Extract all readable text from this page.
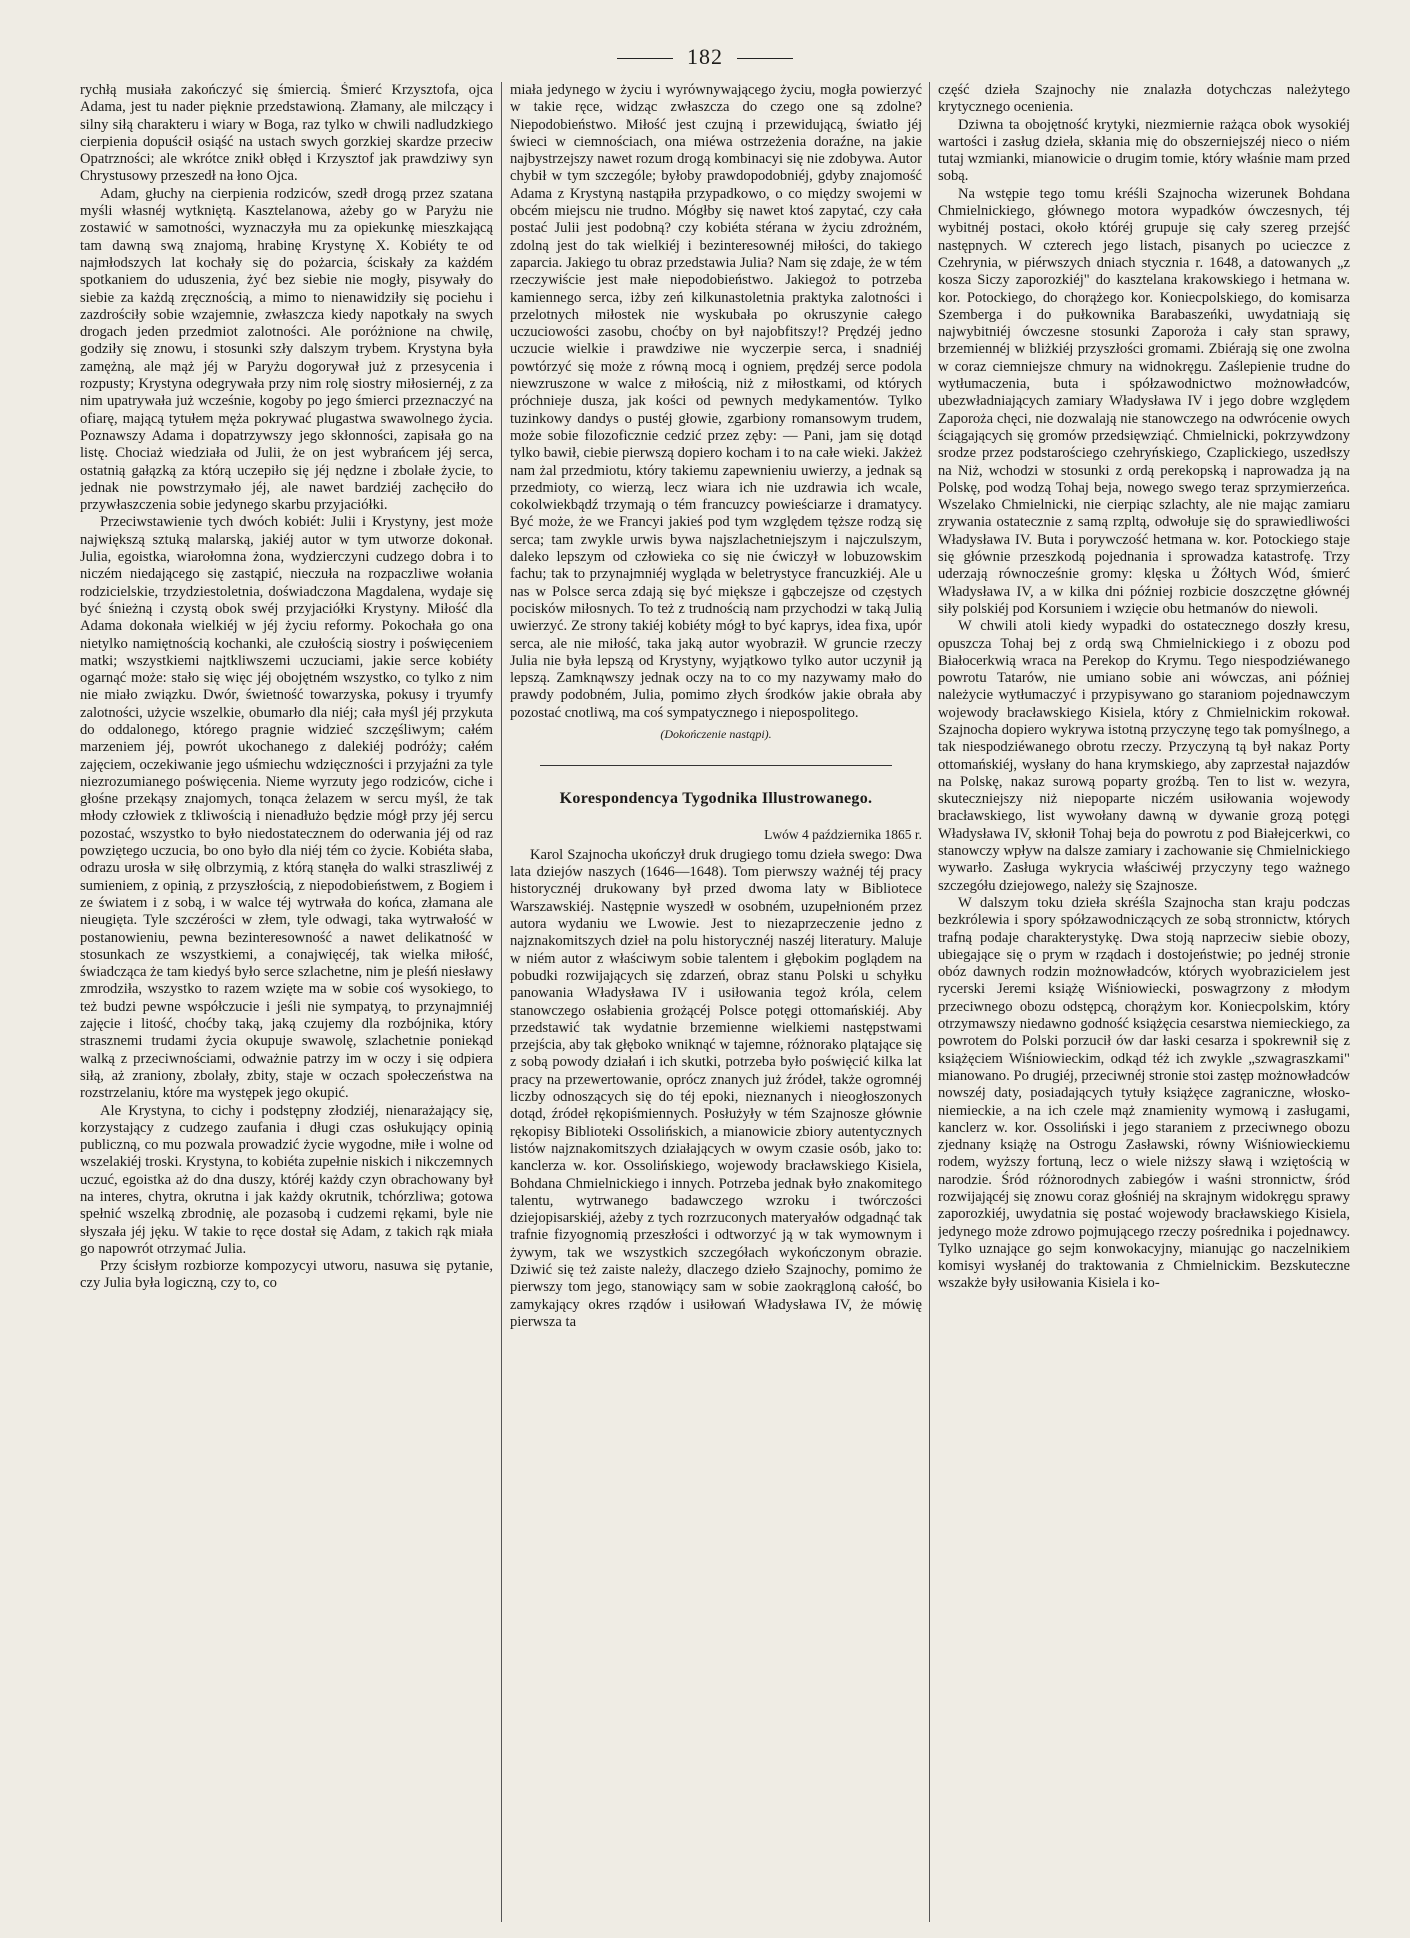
182

rychłą musiała zakończyć się śmiercią. Śmierć Krzysztofa, ojca Adama, jest tu nader pięknie przedstawioną. Złamany, ale milczący i silny siłą charakteru i wiary w Boga, raz tylko w chwili nadludzkiego cierpienia dopuścił osiąść na ustach swych gorzkiej skardze przeciw Opatrzności; ale wkrótce znikł obłęd i Krzysztof jak prawdziwy syn Chrystusowy przeszedł na łono Ojca.

Adam, głuchy na cierpienia rodziców, szedł drogą przez szatana myśli własnéj wytkniętą. Kasztelanowa, ażeby go w Paryżu nie zostawić w samotności, wyznaczyła mu za opiekunkę mieszkającą tam dawną swą znajomą, hrabinę Krystynę X. Kobiéty te od najmłodszych lat kochały się do pożarcia, ściskały za każdém spotkaniem do uduszenia, żyć bez siebie nie mogły, pisywały do siebie za każdą zręcznością, a mimo to nienawidziły się pociehu i zazdrościły sobie wzajemnie, zwłaszcza kiedy napotkały na swych drogach jeden przedmiot zalotności. Ale poróżnione na chwilę, godziły się znowu, i stosunki szły dalszym trybem. Krystyna była zamężną, ale mąż jéj w Paryżu dogorywał już z przesycenia i rozpusty; Krystyna odegrywała przy nim rolę siostry miłosiernéj, z za nim upatrywała już wcześnie, kogoby po jego śmierci przeznaczyć na ofiarę, mającą tytułem męża pokrywać plugastwa swawolnego życia. Poznawszy Adama i dopatrzywszy jego skłonności, zapisała go na listę. Chociaż wiedziała od Julii, że on jest wybrańcem jéj serca, ostatnią gałązką za którą uczepiło się jéj nędzne i zbolałe życie, to jednak nie powstrzymało jéj, ale nawet bardziéj zachęciło do przywłaszczenia sobie jedynego skarbu przyjaciółki.

Przeciwstawienie tych dwóch kobiét: Julii i Krystyny, jest może największą sztuką malarską, jakiéj autor w tym utworze dokonał. Julia, egoistka, wiarołomna żona, wydzierczyni cudzego dobra i to niczém niedającego się zastąpić, nieczuła na rozpaczliwe wołania rodzicielskie, trzydziestoletnia, doświadczona Magdalena, wydaje się być śnieżną i czystą obok swéj przyjaciółki Krystyny. Miłość dla Adama dokonała wielkiéj w jéj życiu reformy. Pokochała go ona nietylko namiętnością kochanki, ale czułością siostry i poświęceniem matki; wszystkiemi najtkliwszemi uczuciami, jakie serce kobiéty ogarnąć może: stało się więc jéj obojętném wszystko, co tylko z nim nie miało związku. Dwór, świetność towarzyska, pokusy i tryumfy zalotności, użycie wszelkie, obumarło dla niéj; cała myśl jéj przykuta do oddalonego, którego pragnie widzieć szczęśliwym; całém marzeniem jéj, powrót ukochanego z dalekiéj podróży; całém zajęciem, oczekiwanie jego uśmiechu wdzięczności i przyjaźni za tyle niezrozumianego poświęcenia. Nieme wyrzuty jego rodziców, ciche i głośne przekąsy znajomych, tonąca żelazem w sercu myśl, że tak młody człowiek z tkliwością i nienadłużo będzie mógł przy jéj sercu pozostać, wszystko to było niedostatecznem do oderwania jéj od raz powziętego uczucia, bo ono było dla niéj tém co życie. Kobiéta słaba, odrazu urosła w siłę olbrzymią, z którą stanęła do walki straszliwéj z sumieniem, z opinią, z przyszłością, z niepodobieństwem, z Bogiem i ze światem i z sobą, i w walce téj wytrwała do końca, złamana ale nieugięta. Tyle szczérości w złem, tyle odwagi, taka wytrwałość w postanowieniu, pewna bezinteresowność a nawet delikatność w stosunkach ze wszystkiemi, a conajwięcéj, tak wielka miłość, świadcząca że tam kiedyś było serce szlachetne, nim je pleśń niesławy zmrodziła, wszystko to razem wzięte ma w sobie coś wysokiego, to też budzi pewne współczucie i jeśli nie sympatyą, to przynajmniéj zajęcie i litość, choćby taką, jaką czujemy dla rozbójnika, który strasznemi trudami życia okupuje swawolę, szlachetnie poniekąd walką z przeciwnościami, odważnie patrzy im w oczy i się odpiera siłą, aż zraniony, zbolały, zbity, staje w oczach społeczeństwa na rozstrzelaniu, które ma występek jego okupić.

Ale Krystyna, to cichy i podstępny złodziéj, nienarażający się, korzystający z cudzego zaufania i długi czas osłukujący opinią publiczną, co mu pozwala prowadzić życie wygodne, miłe i wolne od wszelakiéj troski. Krystyna, to kobiéta zupełnie niskich i nikczemnych uczuć, egoistka aż do dna duszy, któréj każdy czyn obrachowany był na interes, chytra, okrutna i jak każdy okrutnik, tchórzliwa; gotowa spełnić wszelką zbrodnię, ale pozasobą i cudzemi rękami, byle nie słyszała jéj jęku. W takie to ręce dostał się Adam, z takich rąk miała go napowrót otrzymać Julia.

Przy ścisłym rozbiorze kompozycyi utworu, nasuwa się pytanie, czy Julia była logiczną, czy to, co

miała jedynego w życiu i wyrównywającego życiu, mogła powierzyć w takie ręce, widząc zwłaszcza do czego one są zdolne? Niepodobieństwo. Miłość jest czujną i przewidującą, światło jéj świeci w ciemnościach, ona miéwa ostrzeżenia doraźne, na jakie najbystrzejszy nawet rozum drogą kombinacyi się nie zdobywa. Autor chybił w tym szczególe; byłoby prawdopodobniéj, gdyby znajomość Adama z Krystyną nastąpiła przypadkowo, o co między swojemi w obcém miejscu nie trudno. Mógłby się nawet ktoś zapytać, czy cała postać Julii jest podobną? czy kobiéta stérana w życiu zdrożném, zdolną jest do tak wielkiéj i bezinteresownéj miłości, do takiego zaparcia. Jakiego tu obraz przedstawia Julia? Nam się zdaje, że w tém rzeczywiście jest małe niepodobieństwo. Jakiegoż to potrzeba kamiennego serca, iżby zeń kilkunastoletnia praktyka zalotności i przelotnych miłostek nie wyskubała po okruszynie całego uczuciowości zasobu, choćby on był najobfitszy!? Prędzéj jedno uczucie wielkie i prawdziwe nie wyczerpie serca, i snadniéj powtórzyć się może z równą mocą i ogniem, prędzéj serce podola niewzruszone w walce z miłością, niż z miłostkami, od których próchnieje dusza, jak kości od pewnych medykamentów. Tylko tuzinkowy dandys o pustéj głowie, zgarbiony romansowym trudem, może sobie filozoficznie cedzić przez zęby: — Pani, jam się dotąd tylko bawił, ciebie pierwszą dopiero kocham i to na całe wieki. Jakżeż nam żal przedmiotu, który takiemu zapewnieniu uwierzy, a jednak są przedmioty, co wierzą, lecz wiara ich nie uzdrawia ich wcale, cokolwiekbądź trzymają o tém francuzcy powieściarze i dramatycy. Być może, że we Francyi jakieś pod tym względem tęższe rodzą się serca; tam zwykle urwis bywa najszlachetniejszym i najczulszym, daleko lepszym od człowieka co się nie ćwiczył w lobuzowskim fachu; tak to przynajmniéj wygląda w beletrystyce francuzkiéj. Ale u nas w Polsce serca zdają się być miększe i gąbczejsze od częstych pocisków miłosnych. To też z trudnością nam przychodzi w taką Julią uwierzyć. Ze strony takiéj kobiéty mógł to być kaprys, idea fixa, upór serca, ale nie miłość, taka jaką autor wyobraził. W gruncie rzeczy Julia nie była lepszą od Krystyny, wyjątkowo tylko autor uczynił ją lepszą. Zamknąwszy jednak oczy na to co my nazywamy mało do prawdy podobném, Julia, pomimo złych środków jakie obrała aby pozostać cnotliwą, ma coś sympatycznego i niepospolitego.

(Dokończenie nastąpi).
Korespondencya Tygodnika Illustrowanego.
Lwów 4 października 1865 r.

Karol Szajnocha ukończył druk drugiego tomu dzieła swego: Dwa lata dziejów naszych (1646—1648). Tom pierwszy ważnéj téj pracy historycznéj drukowany był przed dwoma laty w Bibliotece Warszawskiéj. Następnie wyszedł w osobném, uzupełnioném przez autora wydaniu we Lwowie. Jest to niezaprzeczenie jedno z najznakomitszych dzieł na polu historycznéj naszéj literatury. Maluje w niém autor z właściwym sobie talentem i głębokim poglądem na pobudki rozwijających się zdarzeń, obraz stanu Polski u schyłku panowania Władysława IV i usiłowania tegoż króla, celem stanowczego osłabienia grożącéj Polsce potęgi ottomańskiéj. Aby przedstawić tak wydatnie brzemienne wielkiemi następstwami przejścia, aby tak głęboko wniknąć w tajemne, różnorako plątające się z sobą powody działań i ich skutki, potrzeba było poświęcić kilka lat pracy na przewertowanie, oprócz znanych już źródeł, także ogromnéj liczby odnoszących się do téj epoki, nieznanych i nieogłoszonych dotąd, źródeł rękopiśmiennych. Posłużyły w tém Szajnosze głównie rękopisy Biblioteki Ossolińskich, a mianowicie zbiory autentycznych listów najznakomitszych działających w owym czasie osób, jako to: kanclerza w. kor. Ossolińskiego, wojewody bracławskiego Kisiela, Bohdana Chmielnickiego i innych. Potrzeba jednak było znakomitego talentu, wytrwanego badawczego wzroku i twórczości dziejopisarskiéj, ażeby z tych rozrzuconych materyałów odgadnąć tak trafnie fizyognomią przeszłości i odtworzyć ją w tak wymownym i żywym, tak we wszystkich szczegółach wykończonym obrazie. Dziwić się też zaiste należy, dlaczego dzieło Szajnochy, pomimo że pierwszy tom jego, stanowiący sam w sobie zaokrągloną całość, bo zamykający okres rządów i usiłowań Władysława IV, że mówię pierwsza ta

część dzieła Szajnochy nie znalazła dotychczas należytego krytycznego ocenienia.

Dziwna ta obojętność krytyki, niezmiernie rażąca obok wysokiéj wartości i zasług dzieła, skłania mię do obszerniejszéj nieco o niém tutaj wzmianki, mianowicie o drugim tomie, który właśnie mam przed sobą.

Na wstępie tego tomu kréśli Szajnocha wizerunek Bohdana Chmielnickiego, głównego motora wypadków ówczesnych, téj wybitnéj postaci, około któréj grupuje się cały szereg przejść następnych. W czterech jego listach, pisanych po ucieczce z Czehrynia, w piérwszych dniach stycznia r. 1648, a datowanych „z kosza Siczy zaporozkiéj" do kasztelana krakowskiego i hetmana w. kor. Potockiego, do chorążego kor. Koniecpolskiego, do komisarza Szemberga i do pułkownika Barabaszeńki, uwydatniają się najwybitniéj ówczesne stosunki Zaporoża i cały stan sprawy, brzemiennéj w bliżkiéj przyszłości gromami. Zbiérają się one zwolna w coraz ciemniejsze chmury na widnokręgu. Zaślepienie trudne do wytłumaczenia, buta i spółzawodnictwo możnowładców, ubezwładniających zamiary Władysława IV i jego dobre względem Zaporoża chęci, nie dozwalają nie stanowczego na odwrócenie owych ściągających się gromów przedsięwziąć. Chmielnicki, pokrzywdzony srodze przez podstarościego czehryńskiego, Czaplickiego, uszedłszy na Niż, wchodzi w stosunki z ordą perekopską i naprowadza ją na Polskę, pod wodzą Tohaj beja, nowego swego teraz sprzymierzeńca. Wszelako Chmielnicki, nie cierpiąc szlachty, ale nie mając zamiaru zrywania ostatecznie z samą rzpltą, odwołuje się do sprawiedliwości Władysława IV. Buta i porywczość hetmana w. kor. Potockiego staje się głównie przeszkodą pojednania i sprowadza katastrofę. Trzy uderzają równocześnie gromy: klęska u Żółtych Wód, śmierć Władysława IV, a w kilka dni później rozbicie doszczętne głównéj siły polskiéj pod Korsuniem i wzięcie obu hetmanów do niewoli.

W chwili atoli kiedy wypadki do ostatecznego doszły kresu, opuszcza Tohaj bej z ordą swą Chmielnickiego i z obozu pod Białocerkwią wraca na Perekop do Krymu. Tego niespodziéwanego powrotu Tatarów, nie umiano sobie ani wówczas, ani później należycie wytłumaczyć i przypisywano go staraniom pojednawczym wojewody bracławskiego Kisiela, który z Chmielnickim rokował. Szajnocha dopiero wykrywa istotną przyczynę tego tak pomyślnego, a tak niespodziéwanego obrotu rzeczy. Przyczyną tą był nakaz Porty ottomańskiéj, wysłany do hana krymskiego, aby zaprzestał najazdów na Polskę, nakaz surową poparty groźbą. Ten to list w. wezyra, skuteczniejszy niż niepoparte niczém usiłowania wojewody bracławskiego, list wywołany dawną w dywanie grozą potęgi Władysława IV, skłonił Tohaj beja do powrotu z pod Białejcerkwi, co stanowczy wpływ na dalsze zamiary i zachowanie się Chmielnickiego wywarło. Zasługa wykrycia właściwéj przyczyny tego ważnego szczegółu dziejowego, należy się Szajnosze.

W dalszym toku dzieła skréśla Szajnocha stan kraju podczas bezkrólewia i spory spółzawodniczących ze sobą stronnictw, których trafną podaje charakterystykę. Dwa stoją naprzeciw siebie obozy, ubiegające się o prym w rządach i dostojeństwie; po jednéj stronie obóz dawnych rodzin możnowładców, których wyobrazicielem jest rycerski Jeremi książę Wiśniowiecki, poswagrzony z młodym przeciwnego obozu odstępcą, chorążym kor. Koniecpolskim, który otrzymawszy niedawno godność książęcia cesarstwa niemieckiego, za powrotem do Polski porzucił ów dar łaski cesarza i spokrewnił się z książęciem Wiśniowieckim, odkąd téż ich zwykle „szwagraszkami" mianowano. Po drugiéj, przeciwnéj stronie stoi zastęp możnowładców nowszéj daty, posiadających tytuły książęce zagraniczne, włosko-niemieckie, a na ich czele mąż znamienity wymową i zasługami, kanclerz w. kor. Ossoliński i jego staraniem z przeciwnego obozu zjednany książę na Ostrogu Zasławski, równy Wiśniowieckiemu rodem, wyższy fortuną, lecz o wiele niższy sławą i wziętością w narodzie. Śród różnorodnych zabiegów i waśni stronnictw, śród rozwijającéj się znowu coraz głośniéj na skrajnym widokręgu sprawy zaporozkiéj, uwydatnia się postać wojewody bracławskiego Kisiela, jedynego może zdrowo pojmującego rzeczy pośrednika i pojednawcy. Tylko uznające go sejm konwokacyjny, mianując go naczelnikiem komisyi wysłanéj do traktowania z Chmielnickim. Bezskuteczne wszakże były usiłowania Kisiela i ko-
